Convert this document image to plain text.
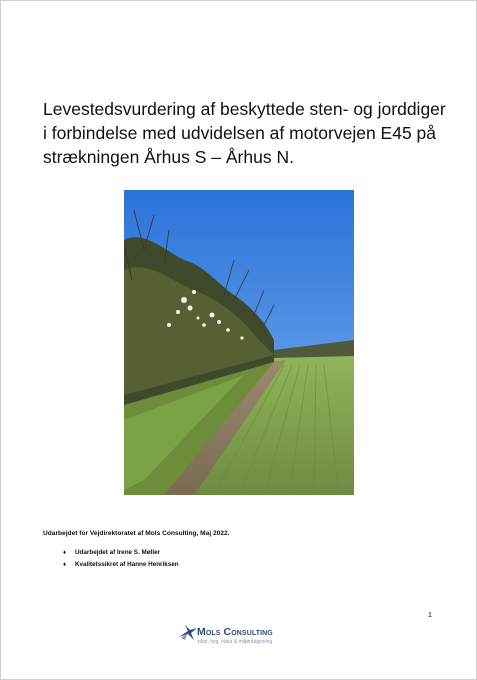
Levestedsvurdering af beskyttede sten- og jorddiger i forbindelse med udvidelsen af motorvejen E45 på strækningen Århus S – Århus N.
Udarbejdet for Vejdirektoratet af Mols Consulting, Maj 2022.
♦	Udarbejdet af Irene S. Møller
♦	Kvalitetssikret af Hanne Henriksen
1
Mols Consulting
plan, byg, natur & miljørådgivning
